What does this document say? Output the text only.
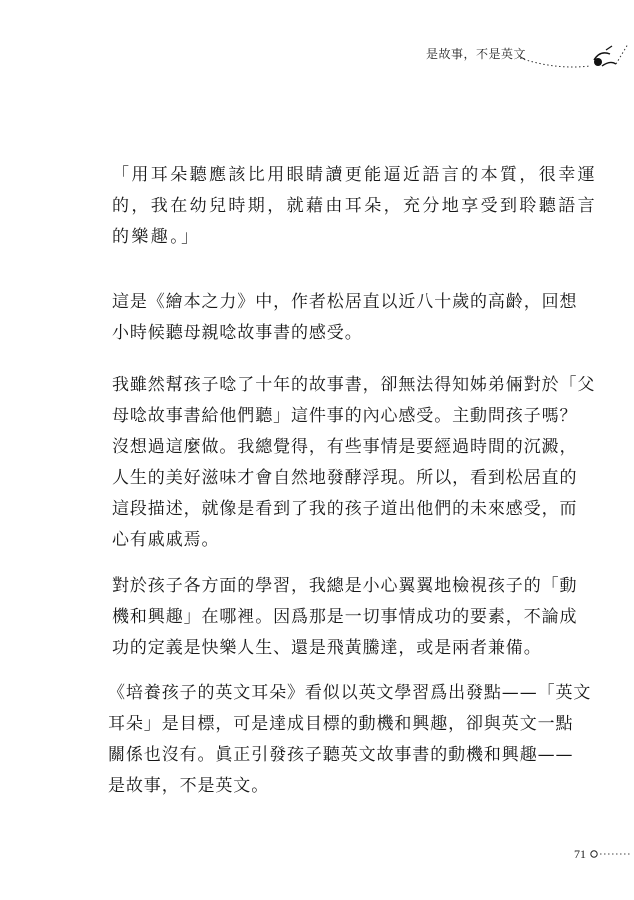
是故事，不是英文
「用耳朵聽應該比用眼睛讀更能逼近語言的本質，很幸運
的，我在幼兒時期，就藉由耳朵，充分地享受到聆聽語言
的樂趣。」
這是《繪本之力》中，作者松居直以近八十歲的高齡，回想
小時候聽母親唸故事書的感受。
我雖然幫孩子唸了十年的故事書，卻無法得知姊弟倆對於「父
母唸故事書給他們聽」這件事的內心感受。主動問孩子嗎？
沒想過這麼做。我總覺得，有些事情是要經過時間的沉澱，
人生的美好滋味才會自然地發酵浮現。所以，看到松居直的
這段描述，就像是看到了我的孩子道出他們的未來感受，而
心有戚戚焉。
對於孩子各方面的學習，我總是小心翼翼地檢視孩子的「動
機和興趣」在哪裡。因爲那是一切事情成功的要素，不論成
功的定義是快樂人生、還是飛黃騰達，或是兩者兼備。
《培養孩子的英文耳朵》看似以英文學習爲出發點——「英文
耳朵」是目標，可是達成目標的動機和興趣，卻與英文一點
關係也沒有。眞正引發孩子聽英文故事書的動機和興趣——
是故事，不是英文。
71
